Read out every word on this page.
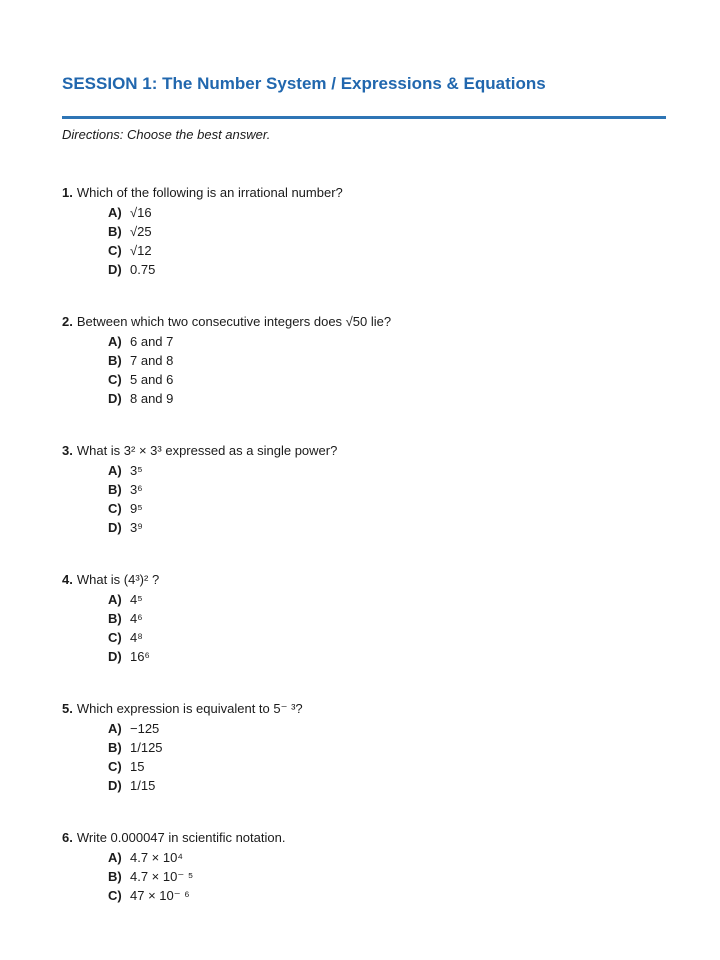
SESSION 1: The Number System / Expressions & Equations

Directions: Choose the best answer.

1. Which of the following is an irrational number?

A) √16
B) √25
C) √12
D) 0.75

2. Between which two consecutive integers does √50 lie?

A) 6 and 7
B) 7 and 8
C) 5 and 6
D) 8 and 9

3. What is 3² × 3³ expressed as a single power?

A) 3⁵
B) 3⁶
C) 9⁵
D) 3⁹

4. What is (4³)² ?

A) 4⁵
B) 4⁶
C) 4⁸
D) 16⁶

5. Which expression is equivalent to 5⁻ ³?

A) −125
B) 1/125
C) 15
D) 1/15

6. Write 0.000047 in scientific notation.

A) 4.7 × 10⁴
B) 4.7 × 10⁻ ⁵
C) 47 × 10⁻ ⁶
